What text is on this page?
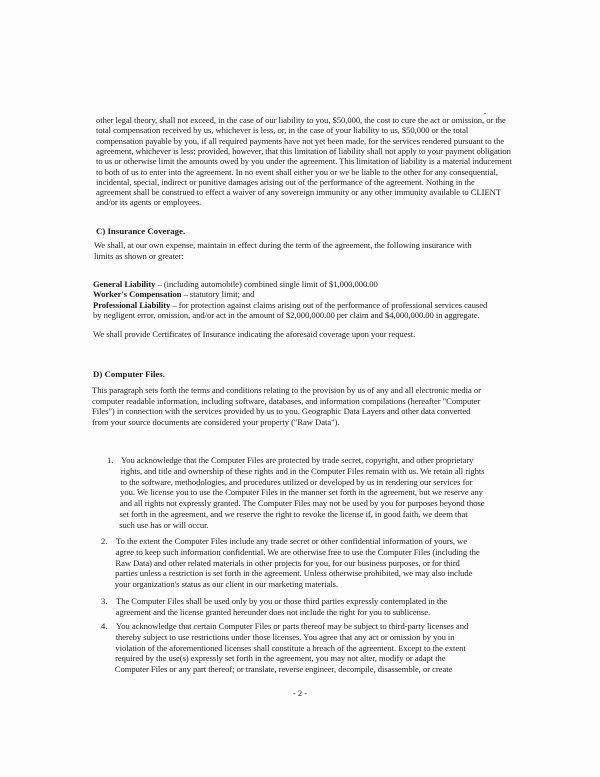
other legal theory, shall not exceed, in the case of our liability to you, $50,000, the cost to cure the act or omission, or the
total compensation received by us, whichever is less, or, in the case of your liability to us, $50,000 or the total
compensation payable by you, if all required payments have not yet been made, for the services rendered pursuant to the
agreement, whichever is less; provided, however, that this limitation of liability shall not apply to your payment obligation
to us or otherwise limit the amounts owed by you under the agreement. This limitation of liability is a material inducement
to both of us to enter into the agreement. In no event shall either you or we be liable to the other for any consequential,
incidental, special, indirect or punitive damages arising out of the performance of the agreement. Nothing in the
agreement shall be construed to effect a waiver of any sovereign immunity or any other immunity available to CLIENT
and/or its agents or employees.
C) Insurance Coverage.
We shall, at our own expense, maintain in effect during the term of the agreement, the following insurance with
limits as shown or greater:
General Liability – (including automobile) combined single limit of $1,000,000.00
Worker's Compensation – statutory limit; and
Professional Liability – for protection against claims arising out of the performance of professional services caused
by negligent error, omission, and/or act in the amount of $2,000,000.00 per claim and $4,000,000.00 in aggregate.
We shall provide Certificates of Insurance indicating the aforesaid coverage upon your request.
D) Computer Files.
This paragraph sets forth the terms and conditions relating to the provision by us of any and all electronic media or
computer readable information, including software, databases, and information compilations (hereafter "Computer
Files") in connection with the services provided by us to you. Geographic Data Layers and other data converted
from your source documents are considered your property ("Raw Data").
1. You acknowledge that the Computer Files are protected by trade secret, copyright, and other proprietary
rights, and title and ownership of these rights and in the Computer Files remain with us. We retain all rights
to the software, methodologies, and procedures utilized or developed by us in rendering our services for
you. We license you to use the Computer Files in the manner set forth in the agreement, but we reserve any
and all rights not expressly granted. The Computer Files may not be used by you for purposes beyond those
set forth in the agreement, and we reserve the right to revoke the license if, in good faith, we deem that
such use has or will occur.
2. To the extent the Computer Files include any trade secret or other confidential information of yours, we
agree to keep such information confidential. We are otherwise free to use the Computer Files (including the
Raw Data) and other related materials in other projects for you, for our business purposes, or for third
parties unless a restriction is set forth in the agreement. Unless otherwise prohibited, we may also include
your organization's status as our client in our marketing materials.
3. The Computer Files shall be used only by you or those third parties expressly contemplated in the
agreement and the license granted hereunder does not include the right for you to sublicense.
4. You acknowledge that certain Computer Files or parts thereof may be subject to third-party licenses and
thereby subject to use restrictions under those licenses. You agree that any act or omission by you in
violation of the aforementioned licenses shall constitute a breach of the agreement. Except to the extent
required by the use(s) expressly set forth in the agreement, you may not alter, modify or adapt the
Computer Files or any part thereof; or translate, reverse engineer, decompile, disassemble, or create
- 2 -
